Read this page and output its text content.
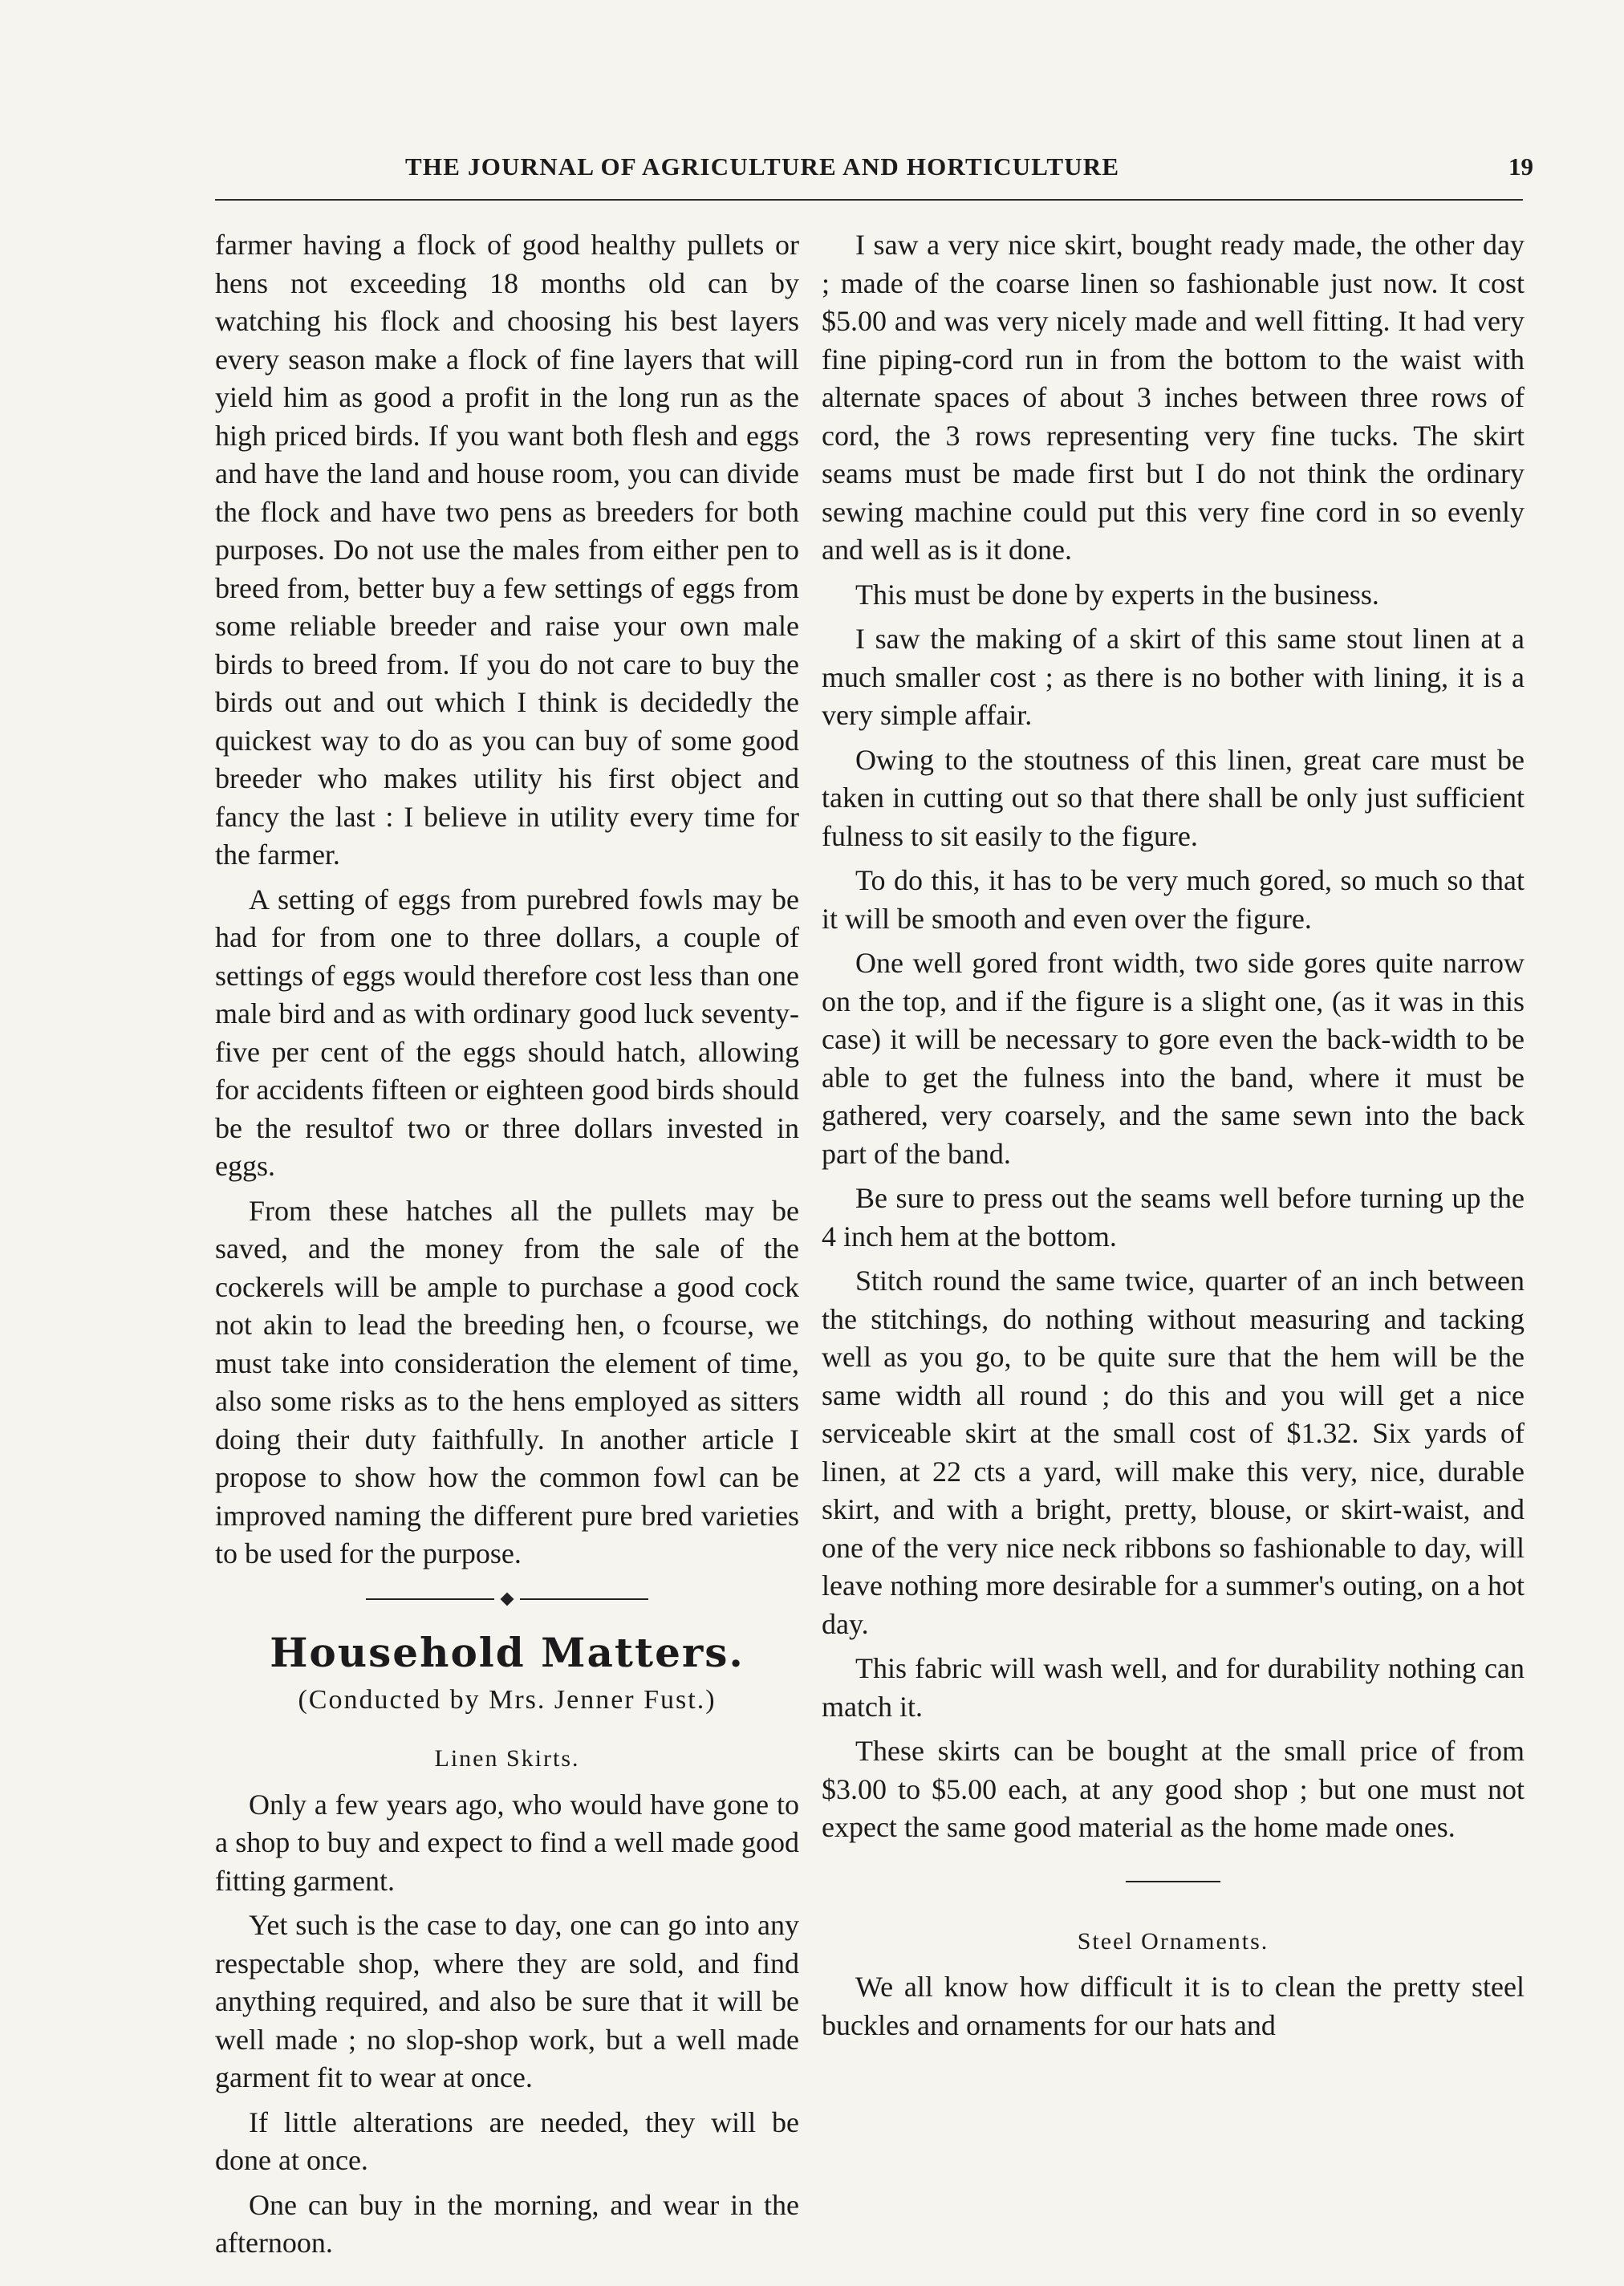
THE JOURNAL OF AGRICULTURE AND HORTICULTURE	19

farmer having a flock of good healthy pullets or hens not exceeding 18 months old can by watching his flock and choosing his best layers every season make a flock of fine layers that will yield him as good a profit in the long run as the high priced birds. If you want both flesh and eggs and have the land and house room, you can divide the flock and have two pens as breeders for both purposes. Do not use the males from either pen to breed from, better buy a few settings of eggs from some reliable breeder and raise your own male birds to breed from. If you do not care to buy the birds out and out which I think is decidedly the quickest way to do as you can buy of some good breeder who makes utility his first object and fancy the last : I believe in utility every time for the farmer.

A setting of eggs from purebred fowls may be had for from one to three dollars, a couple of settings of eggs would therefore cost less than one male bird and as with ordinary good luck seventy-five per cent of the eggs should hatch, allowing for accidents fifteen or eighteen good birds should be the resultof two or three dollars invested in eggs.

From these hatches all the pullets may be saved, and the money from the sale of the cockerels will be ample to purchase a good cock not akin to lead the breeding hen, o fcourse, we must take into consideration the element of time, also some risks as to the hens employed as sitters doing their duty faithfully. In another article I propose to show how the common fowl can be improved naming the different pure bred varieties to be used for the purpose.

Household Matters.
(Conducted by Mrs. Jenner Fust.)
Linen Skirts.

Only a few years ago, who would have gone to a shop to buy and expect to find a well made good fitting garment.

Yet such is the case to day, one can go into any respectable shop, where they are sold, and find anything required, and also be sure that it will be well made ; no slop-shop work, but a well made garment fit to wear at once.

If little alterations are needed, they will be done at once.

One can buy in the morning, and wear in the afternoon.

I saw a very nice skirt, bought ready made, the other day ; made of the coarse linen so fashionable just now. It cost $5.00 and was very nicely made and well fitting. It had very fine piping-cord run in from the bottom to the waist with alternate spaces of about 3 inches between three rows of cord, the 3 rows representing very fine tucks. The skirt seams must be made first but I do not think the ordinary sewing machine could put this very fine cord in so evenly and well as is it done.

This must be done by experts in the business.

I saw the making of a skirt of this same stout linen at a much smaller cost ; as there is no bother with lining, it is a very simple affair.

Owing to the stoutness of this linen, great care must be taken in cutting out so that there shall be only just sufficient fulness to sit easily to the figure.

To do this, it has to be very much gored, so much so that it will be smooth and even over the figure.

One well gored front width, two side gores quite narrow on the top, and if the figure is a slight one, (as it was in this case) it will be necessary to gore even the back-width to be able to get the fulness into the band, where it must be gathered, very coarsely, and the same sewn into the back part of the band.

Be sure to press out the seams well before turning up the 4 inch hem at the bottom.

Stitch round the same twice, quarter of an inch between the stitchings, do nothing without measuring and tacking well as you go, to be quite sure that the hem will be the same width all round ; do this and you will get a nice serviceable skirt at the small cost of $1.32. Six yards of linen, at 22 cts a yard, will make this very, nice, durable skirt, and with a bright, pretty, blouse, or skirt-waist, and one of the very nice neck ribbons so fashionable to day, will leave nothing more desirable for a summer's outing, on a hot day.

This fabric will wash well, and for durability nothing can match it.

These skirts can be bought at the small price of from $3.00 to $5.00 each, at any good shop ; but one must not expect the same good material as the home made ones.

Steel Ornaments.

We all know how difficult it is to clean the pretty steel buckles and ornaments for our hats and
